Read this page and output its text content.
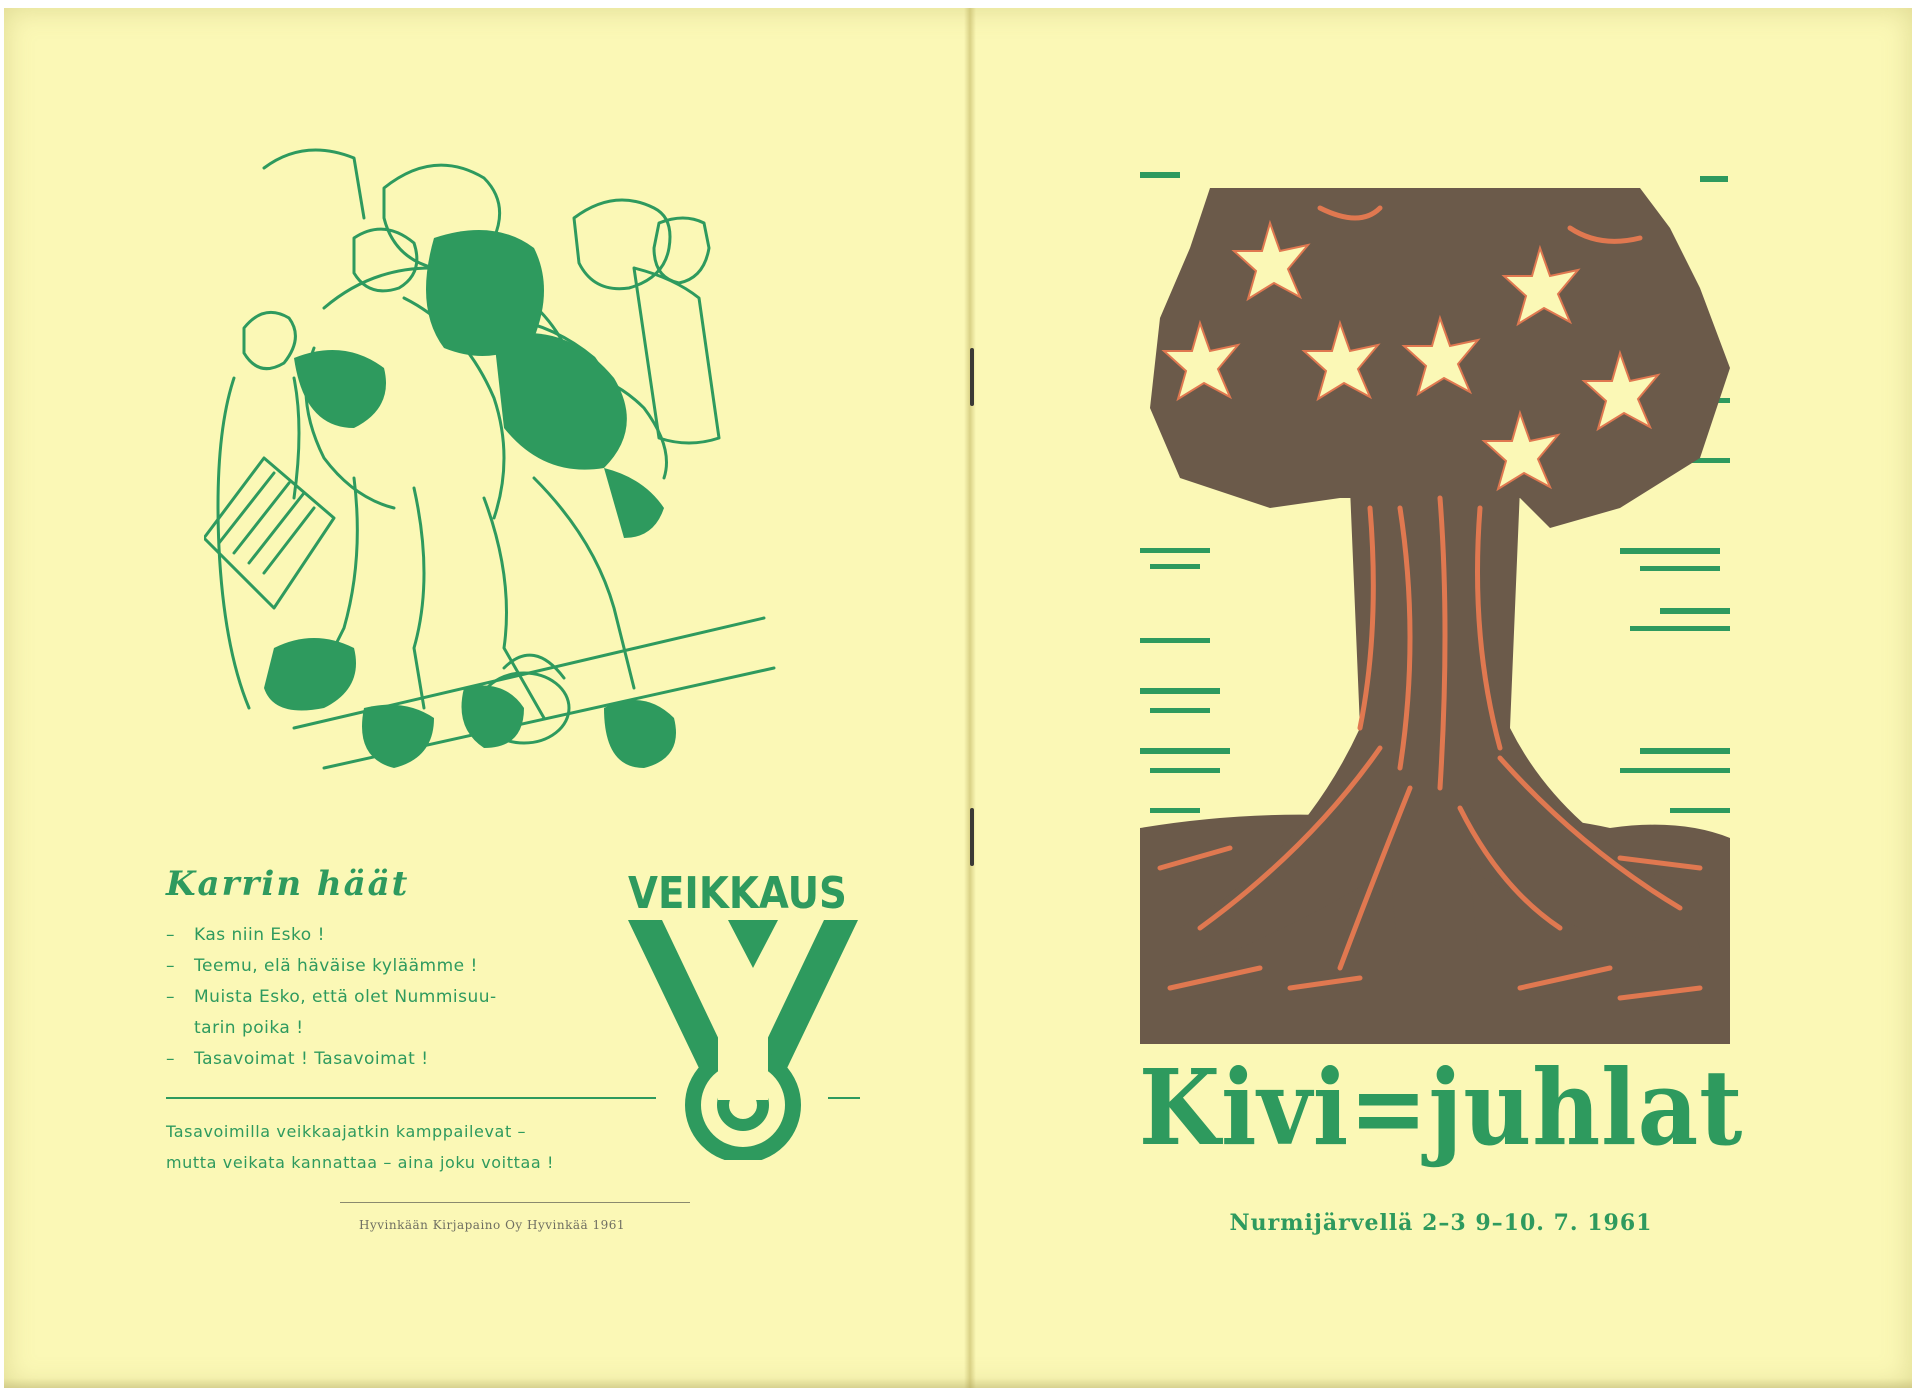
Karrin häät
– Kas niin Esko !
– Teemu, elä häväise kyläämme !
– Muista Esko, että olet Nummisuu-
tarin poika !
– Tasavoimat ! Tasavoimat !
Tasavoimilla veikkaajatkin kamppailevat –
mutta veikata kannattaa – aina joku voittaa !
VEIKKAUS
Hyvinkään Kirjapaino Oy Hyvinkää 1961
Kivi=juhlat
Nurmijärvellä 2–3 9–10. 7. 1961
